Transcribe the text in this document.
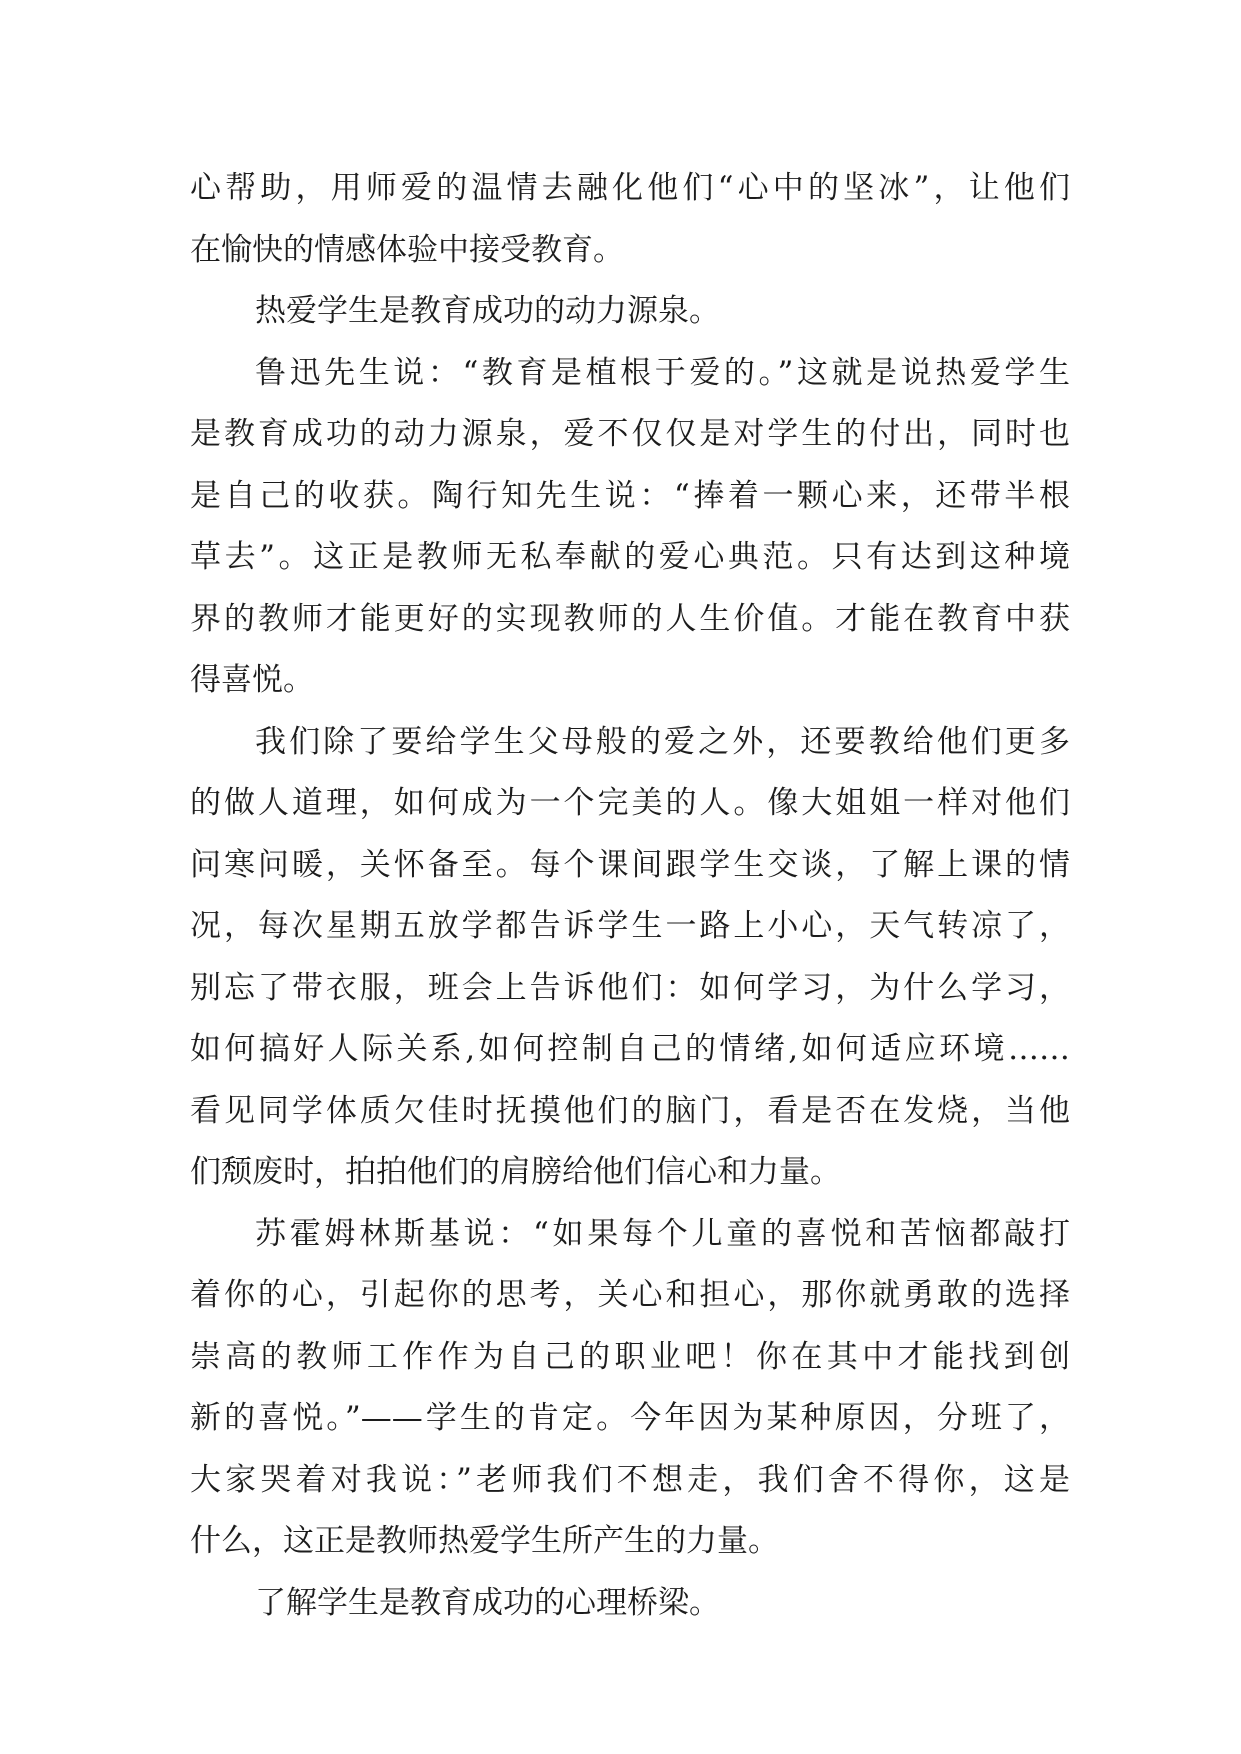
心帮助，用师爱的温情去融化他们“心中的坚冰”，让他们
在愉快的情感体验中接受教育。
热爱学生是教育成功的动力源泉。
鲁迅先生说：“教育是植根于爱的。”这就是说热爱学生
是教育成功的动力源泉，爱不仅仅是对学生的付出，同时也
是自己的收获。陶行知先生说：“捧着一颗心来，还带半根
草去”。这正是教师无私奉献的爱心典范。只有达到这种境
界的教师才能更好的实现教师的人生价值。才能在教育中获
得喜悦。
我们除了要给学生父母般的爱之外，还要教给他们更多
的做人道理，如何成为一个完美的人。像大姐姐一样对他们
问寒问暖，关怀备至。每个课间跟学生交谈，了解上课的情
况，每次星期五放学都告诉学生一路上小心，天气转凉了，
别忘了带衣服，班会上告诉他们：如何学习，为什么学习，
如何搞好人际关系,如何控制自己的情绪,如何适应环境……
看见同学体质欠佳时抚摸他们的脑门，看是否在发烧，当他
们颓废时，拍拍他们的肩膀给他们信心和力量。
苏霍姆林斯基说：“如果每个儿童的喜悦和苦恼都敲打
着你的心，引起你的思考，关心和担心，那你就勇敢的选择
崇高的教师工作作为自己的职业吧！你在其中才能找到创
新的喜悦。”——学生的肯定。今年因为某种原因，分班了，
大家哭着对我说：”老师我们不想走，我们舍不得你，这是
什么，这正是教师热爱学生所产生的力量。
了解学生是教育成功的心理桥梁。
